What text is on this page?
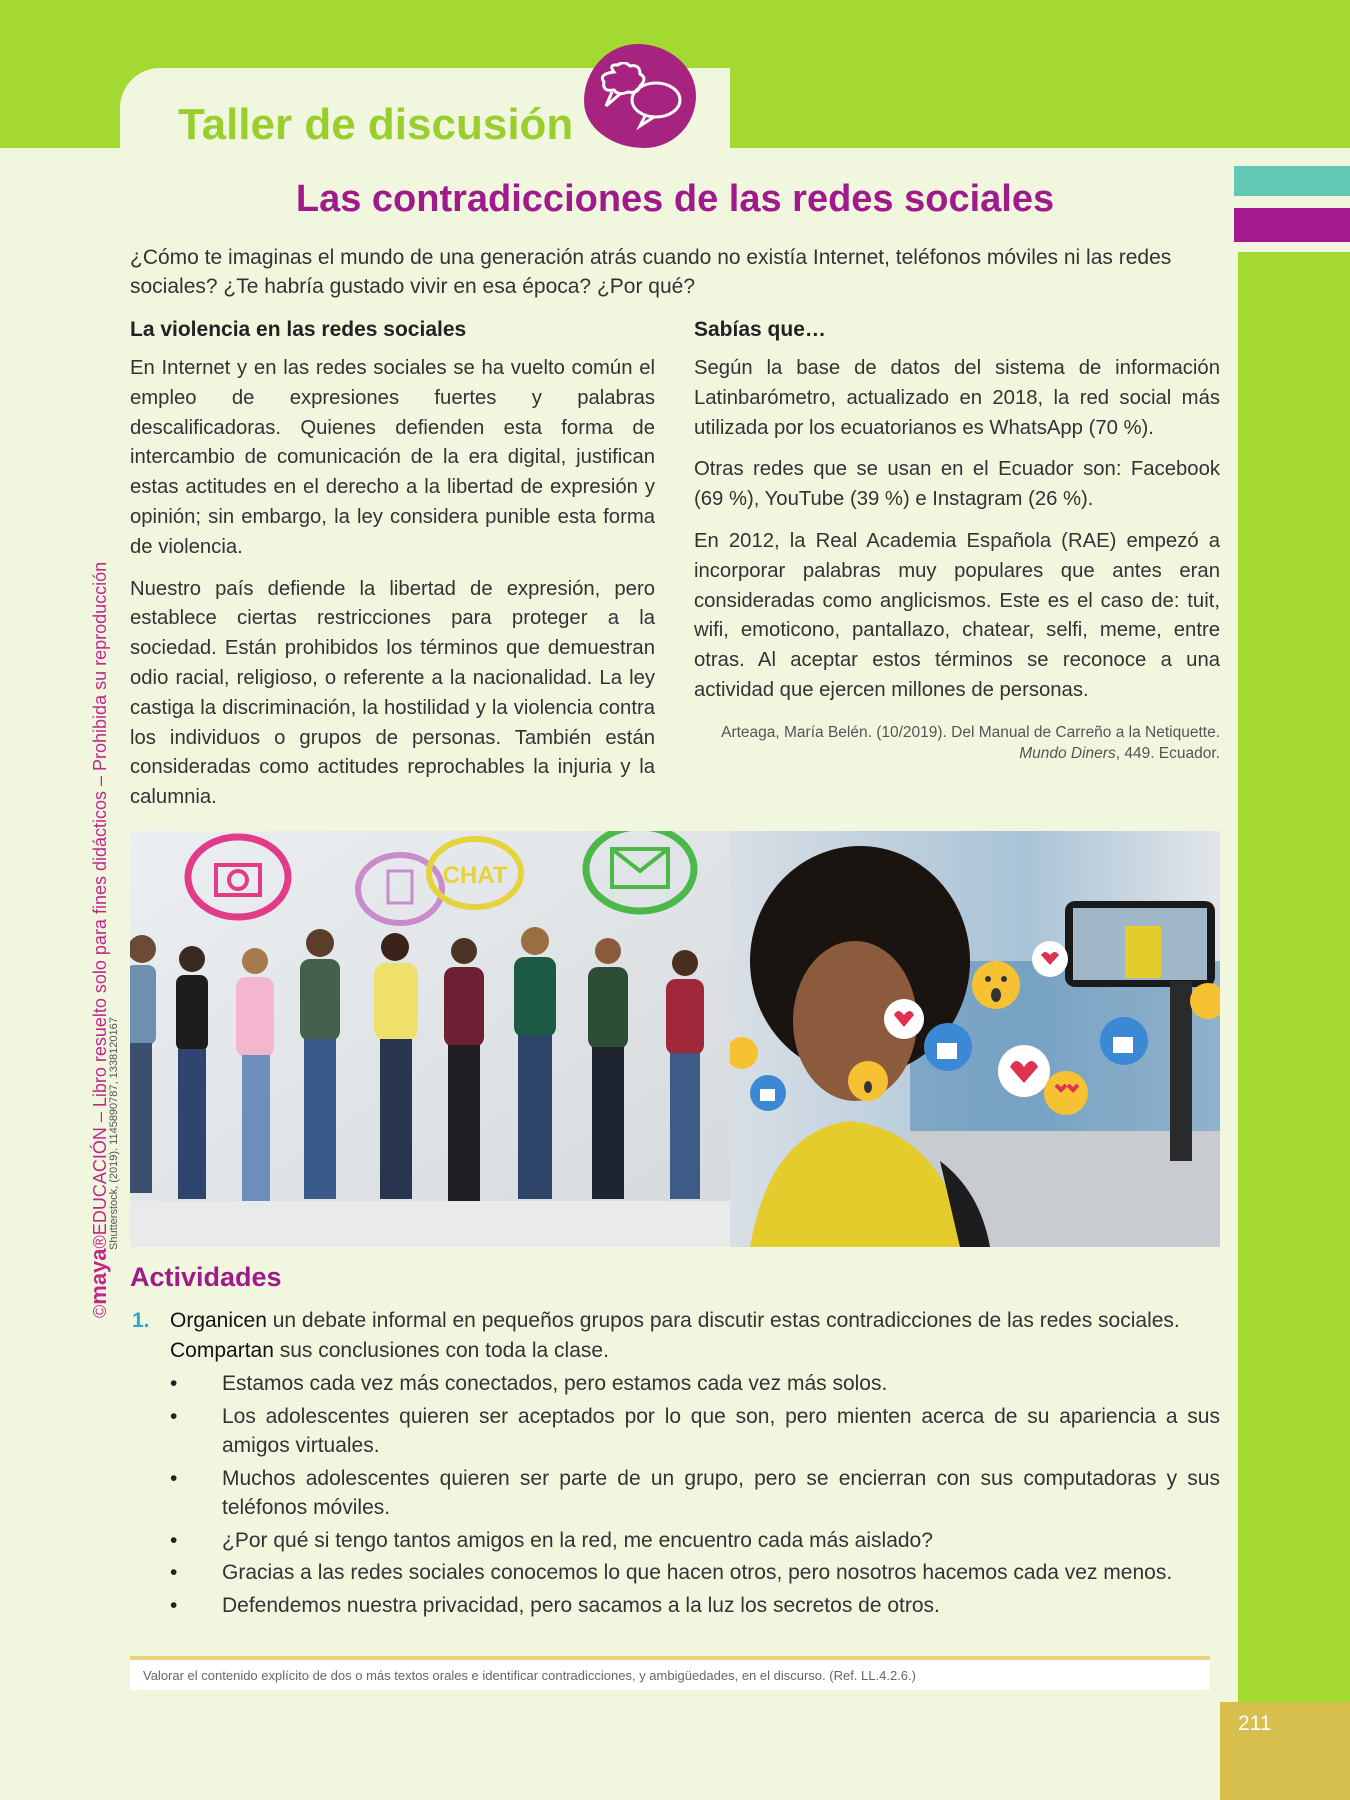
Taller de discusión
211
©maya®EDUCACIÓN – Libro resuelto solo para fines didácticos – Prohibida su reproducción
Shutterstock, (2019). 1145890787, 1338120167
Las contradicciones de las redes sociales

¿Cómo te imaginas el mundo de una generación atrás cuando no existía Internet, teléfonos móviles ni las redes sociales? ¿Te habría gustado vivir en esa época? ¿Por qué?

La violencia en las redes sociales

En Internet y en las redes sociales se ha vuelto común el empleo de expresiones fuertes y palabras descalificadoras. Quienes defienden esta forma de intercambio de comunicación de la era digital, justifican estas actitudes en el derecho a la libertad de expresión y opinión; sin embargo, la ley considera punible esta forma de violencia.

Nuestro país defiende la libertad de expresión, pero establece ciertas restricciones para proteger a la sociedad. Están prohibidos los términos que demuestran odio racial, religioso, o referente a la nacionalidad. La ley castiga la discriminación, la hostilidad y la violencia contra los individuos o grupos de personas. También están consideradas como actitudes reprochables la injuria y la calumnia.

Sabías que…

Según la base de datos del sistema de información Latinbarómetro, actualizado en 2018, la red social más utilizada por los ecuatorianos es WhatsApp (70 %).

Otras redes que se usan en el Ecuador son: Facebook (69 %), YouTube (39 %) e Instagram (26 %).

En 2012, la Real Academia Española (RAE) empezó a incorporar palabras muy populares que antes eran consideradas como anglicismos. Este es el caso de: tuit, wifi, emoticono, pantallazo, chatear, selfi, meme, entre otras. Al aceptar estos términos se reconoce a una actividad que ejercen millones de personas.

Arteaga, María Belén. (10/2019). Del Manual de Carreño a la Netiquette.
Mundo Diners, 449. Ecuador.
CHAT
Actividades
1. Organicen un debate informal en pequeños grupos para discutir estas contradicciones de las redes sociales. Compartan sus conclusiones con toda la clase.
• Estamos cada vez más conectados, pero estamos cada vez más solos.
• Los adolescentes quieren ser aceptados por lo que son, pero mienten acerca de su apariencia a sus amigos virtuales.
• Muchos adolescentes quieren ser parte de un grupo, pero se encierran con sus computadoras y sus teléfonos móviles.
• ¿Por qué si tengo tantos amigos en la red, me encuentro cada más aislado?
• Gracias a las redes sociales conocemos lo que hacen otros, pero nosotros hacemos cada vez menos.
• Defendemos nuestra privacidad, pero sacamos a la luz los secretos de otros.
Valorar el contenido explícito de dos o más textos orales e identificar contradicciones, y ambigüedades, en el discurso. (Ref. LL.4.2.6.)
